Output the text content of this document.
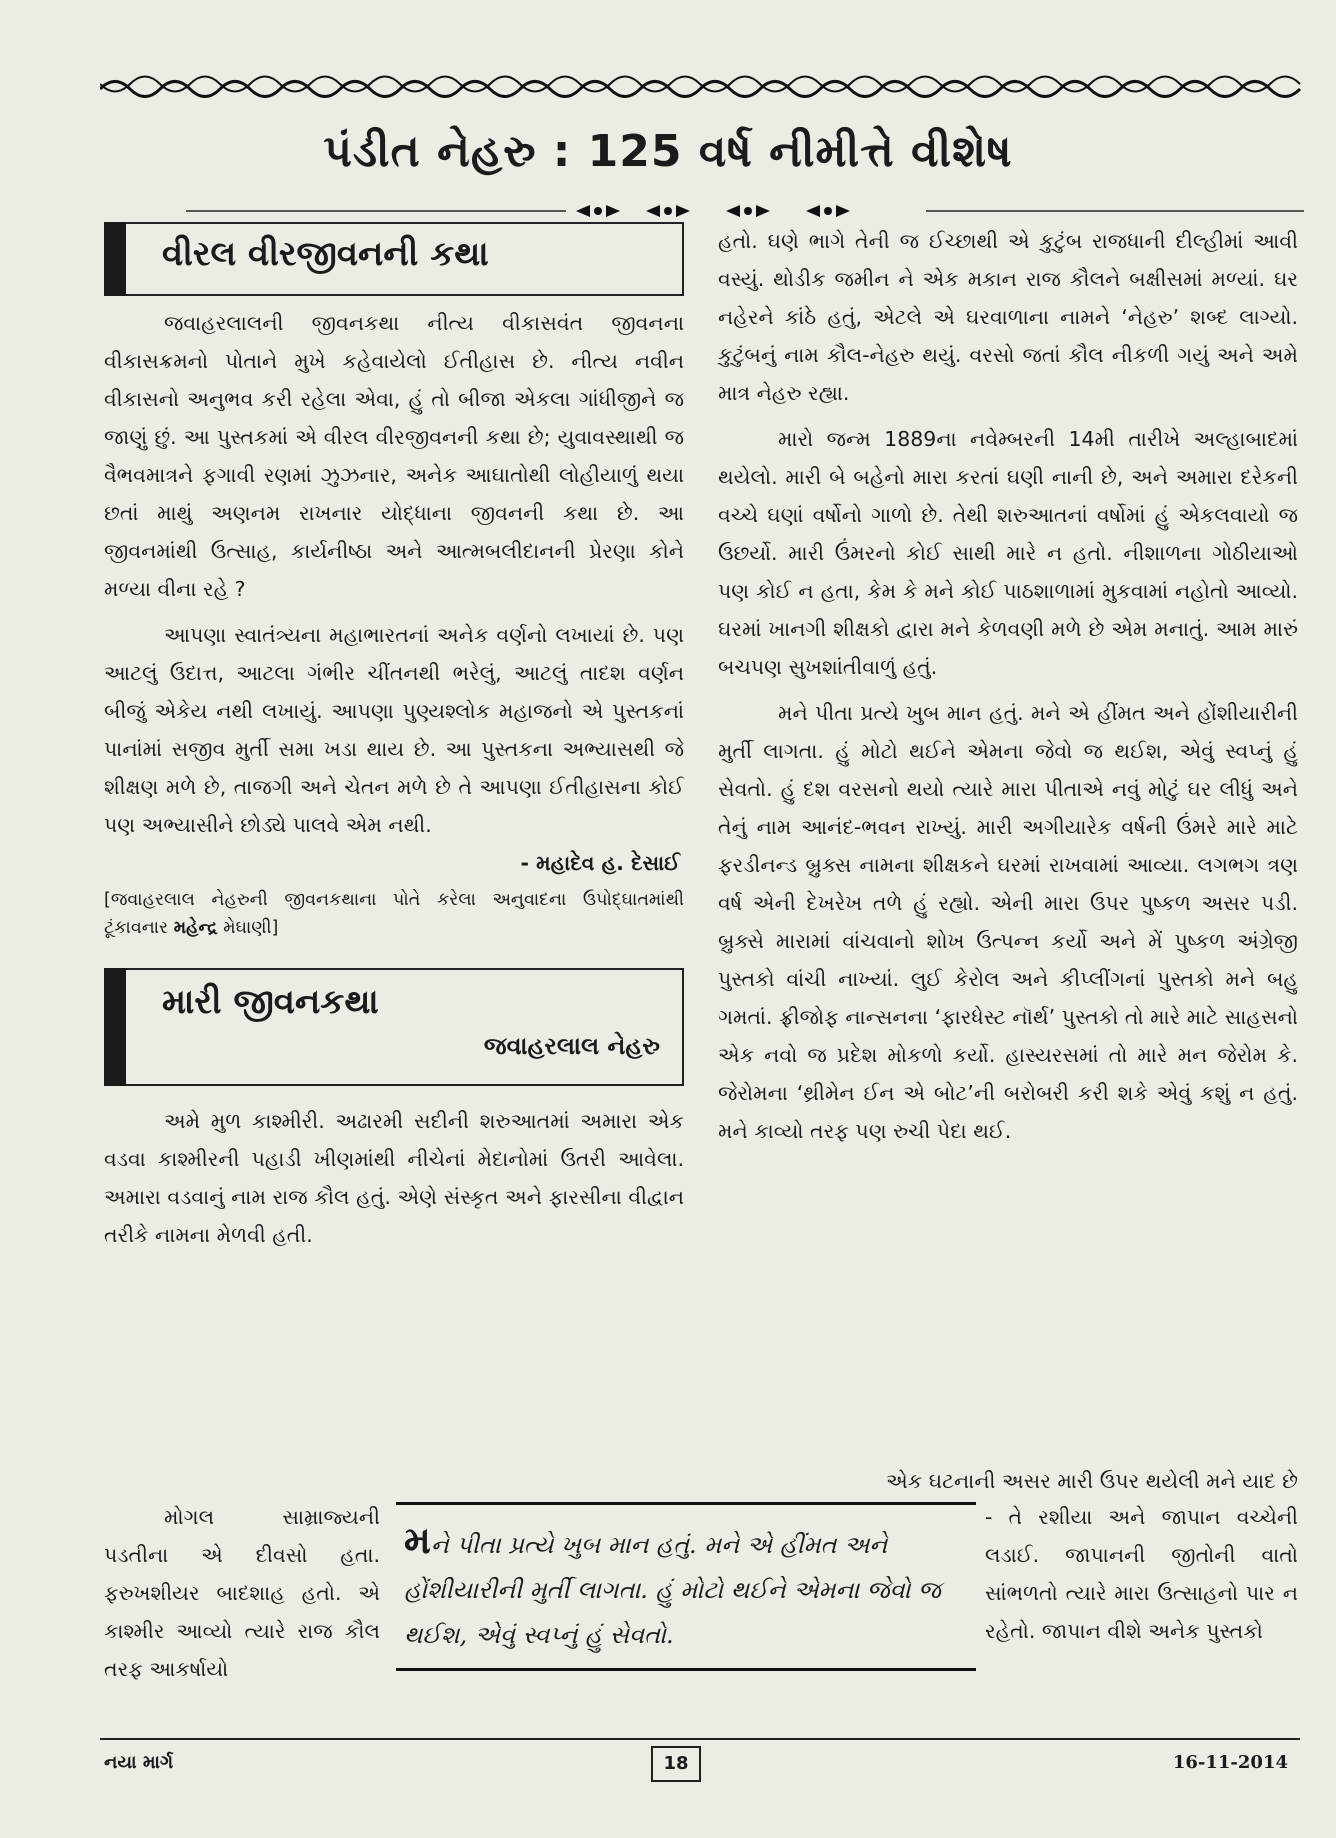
પંડીત નેહરુ : 125 વર્ષ નીમીત્તે વીશેષ
વીરલ વીરજીવનની કથા

જવાહરલાલની જીવનકથા નીત્ય વીકાસવંત જીવનના વીકાસક્રમનો પોતાને મુખે કહેવાયેલો ઈતીહાસ છે. નીત્ય નવીન વીકાસનો અનુભવ કરી રહેલા એવા, હું તો બીજા એકલા ગાંધીજીને જ જાણું છું. આ પુસ્તકમાં એ વીરલ વીરજીવનની કથા છે; યુવાવસ્થાથી જ વૈભવમાત્રને ફગાવી રણમાં ઝુઝનાર, અનેક આઘાતોથી લોહીયાળું થયા છતાં માથું અણનમ રાખનાર યોદ્ધાના જીવનની કથા છે. આ જીવનમાંથી ઉત્સાહ, કાર્યનીષ્ઠા અને આત્મબલીદાનની પ્રેરણા કોને મળ્યા વીના રહે ?

આપણા સ્વાતંત્ર્યના મહાભારતનાં અનેક વર્ણનો લખાયાં છે. પણ આટલું ઉદાત્ત, આટલા ગંભીર ચીંતનથી ભરેલું, આટલું તાદશ વર્ણન બીજું એકેય નથી લખાયું. આપણા પુણ્યશ્લોક મહાજનો એ પુસ્તકનાં પાનાંમાં સજીવ મુર્તી સમા ખડા થાય છે. આ પુસ્તકના અભ્યાસથી જે શીક્ષણ મળે છે, તાજગી અને ચેતન મળે છે તે આપણા ઈતીહાસના કોઈ પણ અભ્યાસીને છોડ્યે પાલવે એમ નથી.

- મહાદેવ હ. દેસાઈ
[જવાહરલાલ નેહરુની જીવનકથાના પોતે કરેલા અનુવાદના ઉપોદ્ઘાતમાંથી ટૂંકાવનાર મહેન્દ્ર મેઘાણી]
મારી જીવનકથા
જવાહરલાલ નેહરુ

અમે મુળ કાશ્મીરી. અઢારમી સદીની શરુઆતમાં અમારા એક વડવા કાશ્મીરની પહાડી ખીણમાંથી નીચેનાં મેદાનોમાં ઉતરી આવેલા. અમારા વડવાનું નામ રાજ કૌલ હતું. એણે સંસ્કૃત અને ફારસીના વીદ્વાન તરીકે નામના મેળવી હતી.

હતો. ઘણે ભાગે તેની જ ઈચ્છાથી એ કુટુંબ રાજધાની દીલ્હીમાં આવી વસ્યું. થોડીક જમીન ને એક મકાન રાજ કૌલને બક્ષીસમાં મળ્યાં. ઘર નહેરને કાંઠે હતું, એટલે એ ઘરવાળાના નામને ‘નેહરુ’ શબ્દ લાગ્યો. કુટુંબનું નામ કૌલ-નેહરુ થયું. વરસો જતાં કૌલ નીકળી ગયું અને અમે માત્ર નેહરુ રહ્યા.

મારો જન્મ 1889ના નવેમ્બરની 14મી તારીખે અલ્હાબાદમાં થયેલો. મારી બે બહેનો મારા કરતાં ઘણી નાની છે, અને અમારા દરેકની વચ્ચે ઘણાં વર્ષોનો ગાળો છે. તેથી શરુઆતનાં વર્ષોમાં હું એકલવાયો જ ઉછર્યો. મારી ઉંમરનો કોઈ સાથી મારે ન હતો. નીશાળના ગોઠીયાઓ પણ કોઈ ન હતા, કેમ કે મને કોઈ પાઠશાળામાં મુકવામાં નહોતો આવ્યો. ઘરમાં ખાનગી શીક્ષકો દ્વારા મને કેળવણી મળે છે એમ મનાતું. આમ મારું બચપણ સુખશાંતીવાળું હતું.

મને પીતા પ્રત્યે ખુબ માન હતું. મને એ હીંમત અને હોંશીયારીની મુર્તી લાગતા. હું મોટો થઈને એમના જેવો જ થઈશ, એવું સ્વપ્નું હું સેવતો. હું દશ વરસનો થયો ત્યારે મારા પીતાએ નવું મોટું ઘર લીધું અને તેનું નામ આનંદ-ભવન રાખ્યું. મારી અગીયારેક વર્ષની ઉંમરે મારે માટે ફરડીનન્ડ બ્રુક્સ નામના શીક્ષકને ઘરમાં રાખવામાં આવ્યા. લગભગ ત્રણ વર્ષ એની દેખરેખ તળે હું રહ્યો. એની મારા ઉપર પુષ્કળ અસર પડી. બ્રુક્સે મારામાં વાંચવાનો શોખ ઉત્પન્ન કર્યો અને મેં પુષ્કળ અંગ્રેજી પુસ્તકો વાંચી નાખ્યાં. લુઈ કેરોલ અને કીપ્લીંગનાં પુસ્તકો મને બહુ ગમતાં. ફ્રીજોફ નાન્સનના ‘ફારધેસ્ટ નૉર્થ’ પુસ્તકો તો મારે માટે સાહસનો એક નવો જ પ્રદેશ મોકળો કર્યો. હાસ્યરસમાં તો મારે મન જેરોમ કે. જેરોમના ‘થ્રીમેન ઈન એ બોટ’ની બરોબરી કરી શકે એવું કશું ન હતું. મને કાવ્યો તરફ પણ રુચી પેદા થઈ.

એક ઘટનાની અસર મારી ઉપર થયેલી મને યાદ છે

મોગલ સામ્રાજ્યની પડતીના એ દીવસો હતા. ફરુખશીયર બાદશાહ હતો. એ કાશ્મીર આવ્યો ત્યારે રાજ કૌલ તરફ આકર્ષાયો

મને પીતા પ્રત્યે ખુબ માન હતું. મને એ હીંમત અને હોંશીયારીની મુર્તી લાગતા. હું મોટો થઈને એમના જેવો જ થઈશ, એવું સ્વપ્નું હું સેવતો.

- તે રશીયા અને જાપાન વચ્ચેની લડાઈ. જાપાનની જીતોની વાતો સાંભળતો ત્યારે મારા ઉત્સાહનો પાર ન રહેતો. જાપાન વીશે અનેક પુસ્તકો

નયા માર્ગ	18	16-11-2014
